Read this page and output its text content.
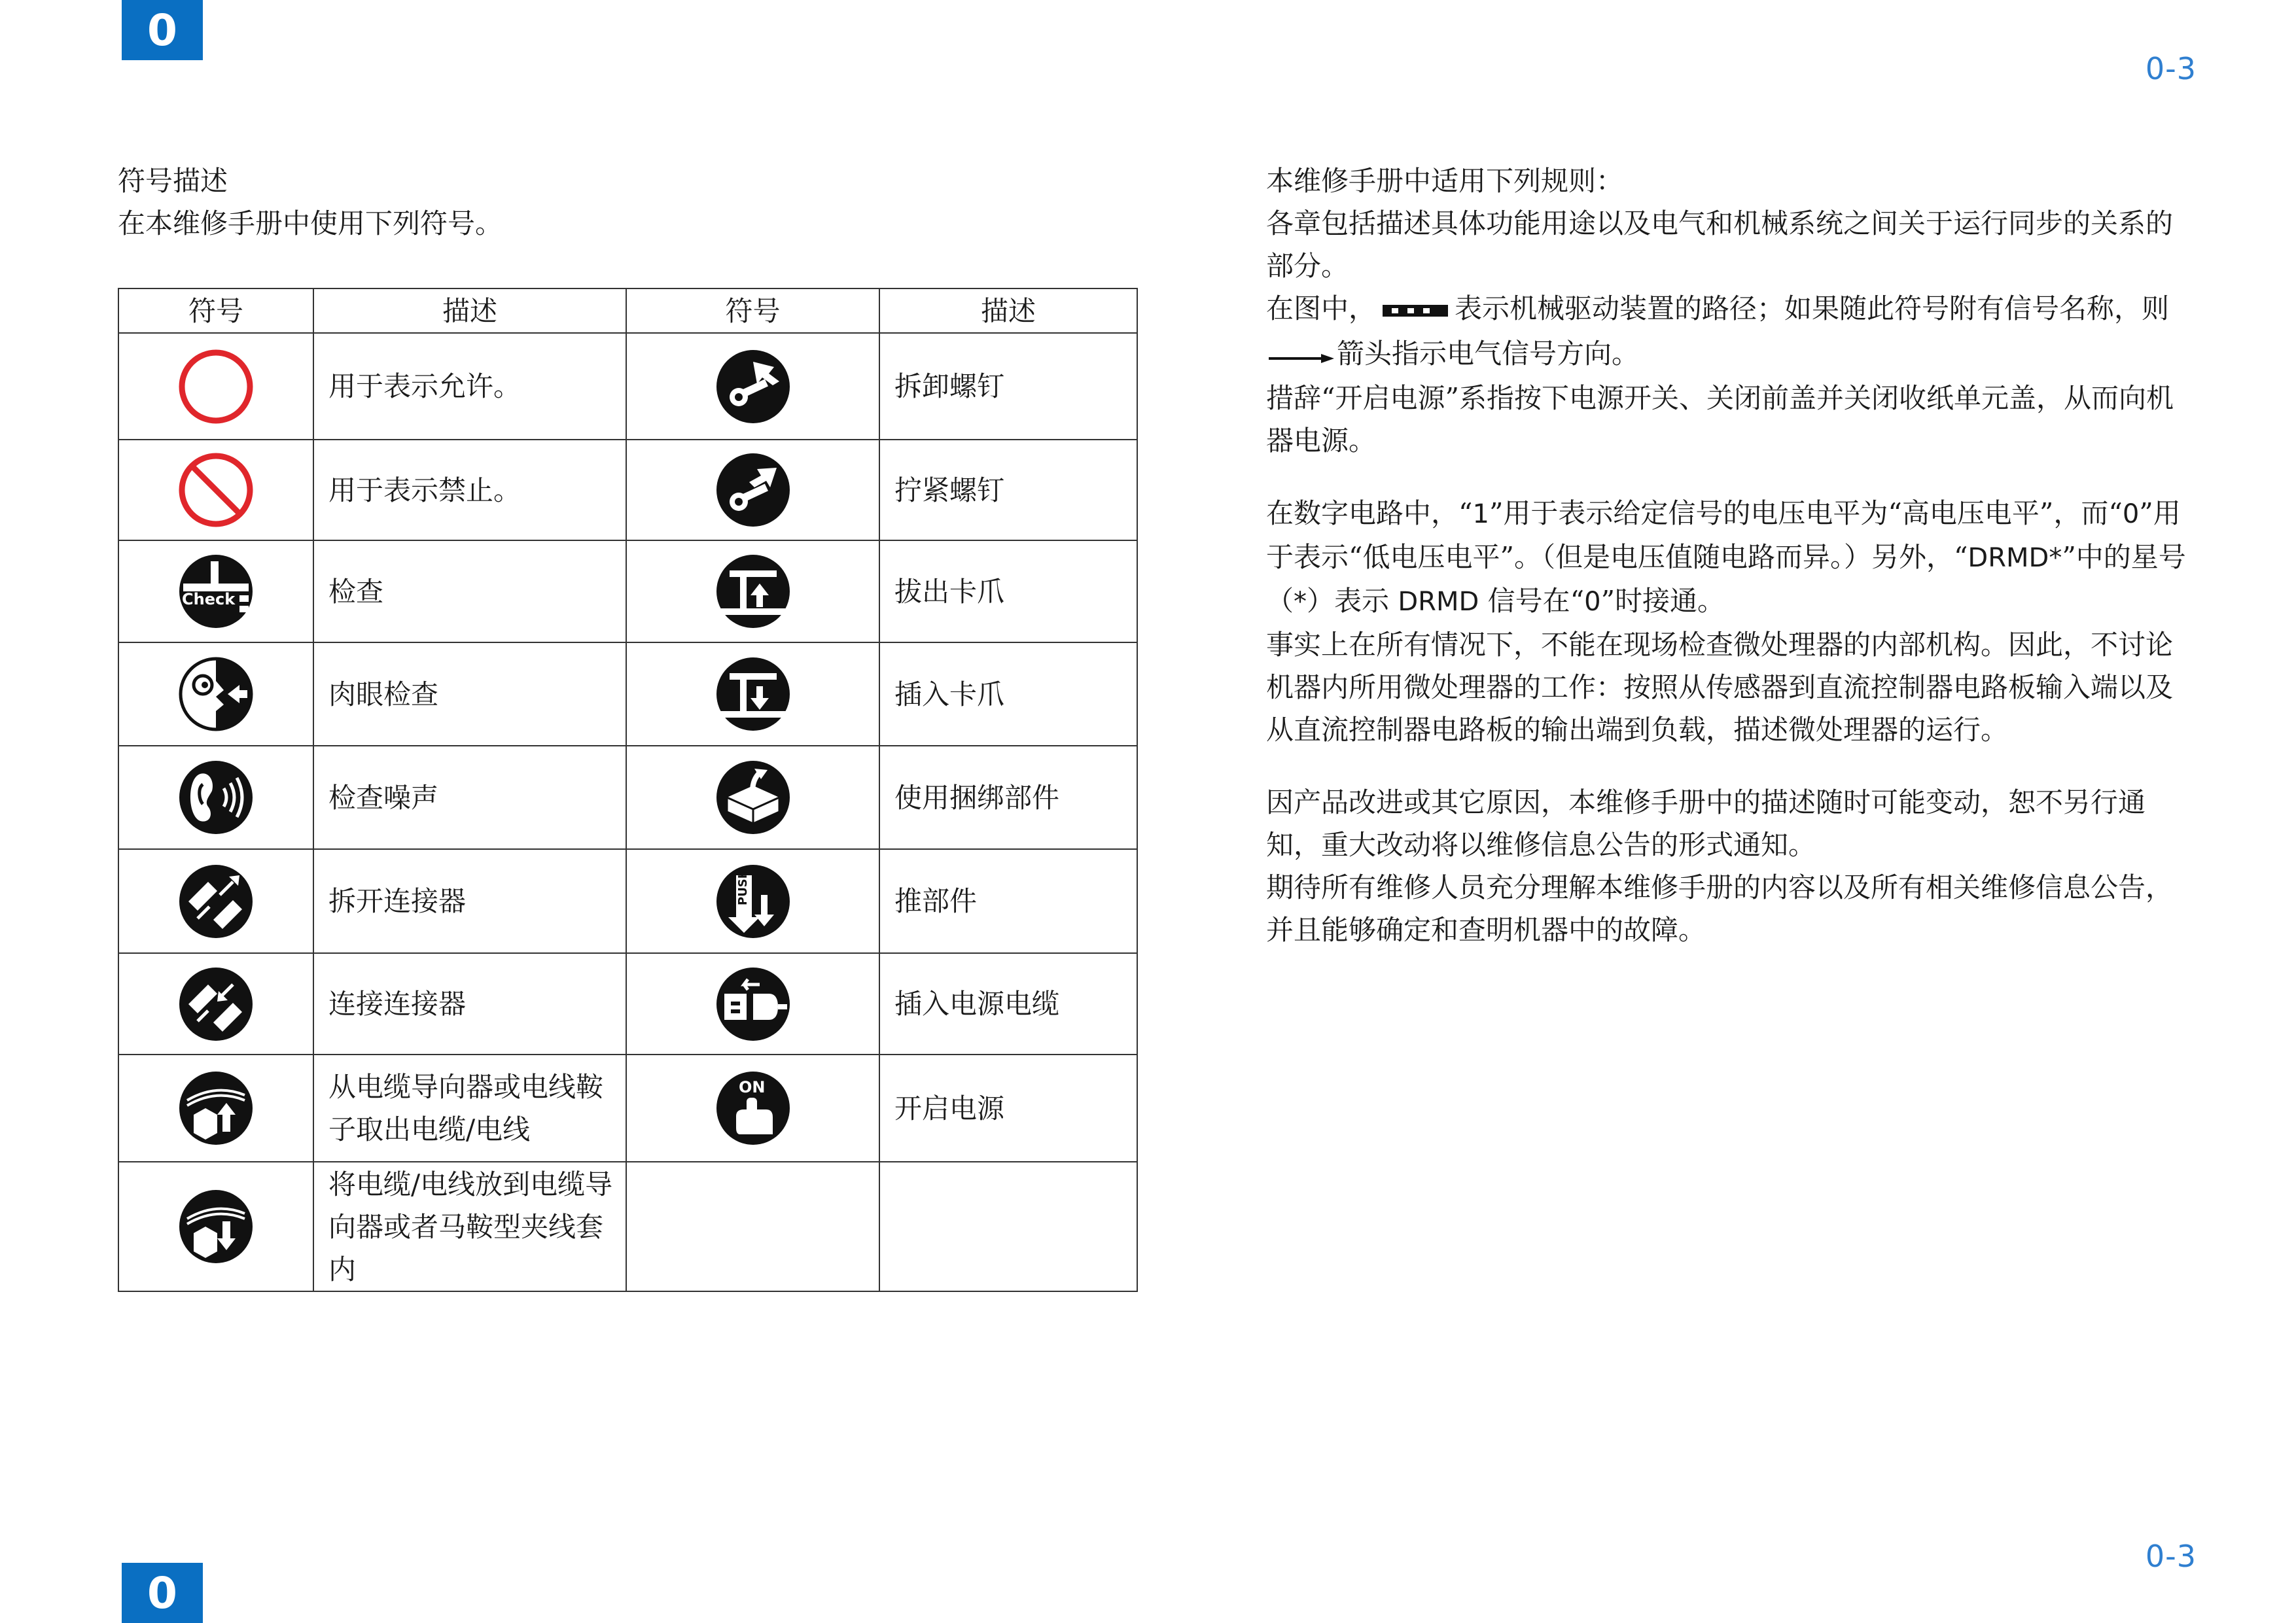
0
0-3

符号描述

在本维修手册中使用下列符号。

符号	描述	符号	描述

	用于表示允许。		拆卸螺钉

	用于表示禁止。		拧紧螺钉

Check	检查		拔出卡爪

	肉眼检查		插入卡爪

	检查噪声		使用捆绑部件

	拆开连接器	PUSH	推部件

	连接连接器		插入电源电缆

	从电缆导向器或电线鞍子取出电缆/电线	ON	开启电源

	将电缆/电线放到电缆导向器或者马鞍型夹线套内		

本维修手册中适用下列规则：

各章包括描述具体功能用途以及电气和机械系统之间关于运行同步的关系的部分。

在图中，	表示机械驱动装置的路径；如果随此符号附有信号名称，则箭头指示电气信号方向。

措辞“开启电源”系指按下电源开关、关闭前盖并关闭收纸单元盖，从而向机器电源。

在数字电路中，“1”用于表示给定信号的电压电平为“高电压电平”，而“0”用于表示“低电压电平”。（但是电压值随电路而异。）另外，“DRMD*”中的星号（*）表示 DRMD 信号在“0”时接通。

事实上在所有情况下，不能在现场检查微处理器的内部机构。因此，不讨论机器内所用微处理器的工作：按照从传感器到直流控制器电路板输入端以及从直流控制器电路板的输出端到负载，描述微处理器的运行。

因产品改进或其它原因，本维修手册中的描述随时可能变动，恕不另行通知，重大改动将以维修信息公告的形式通知。

期待所有维修人员充分理解本维修手册的内容以及所有相关维修信息公告，并且能够确定和查明机器中的故障。

0-3
0
